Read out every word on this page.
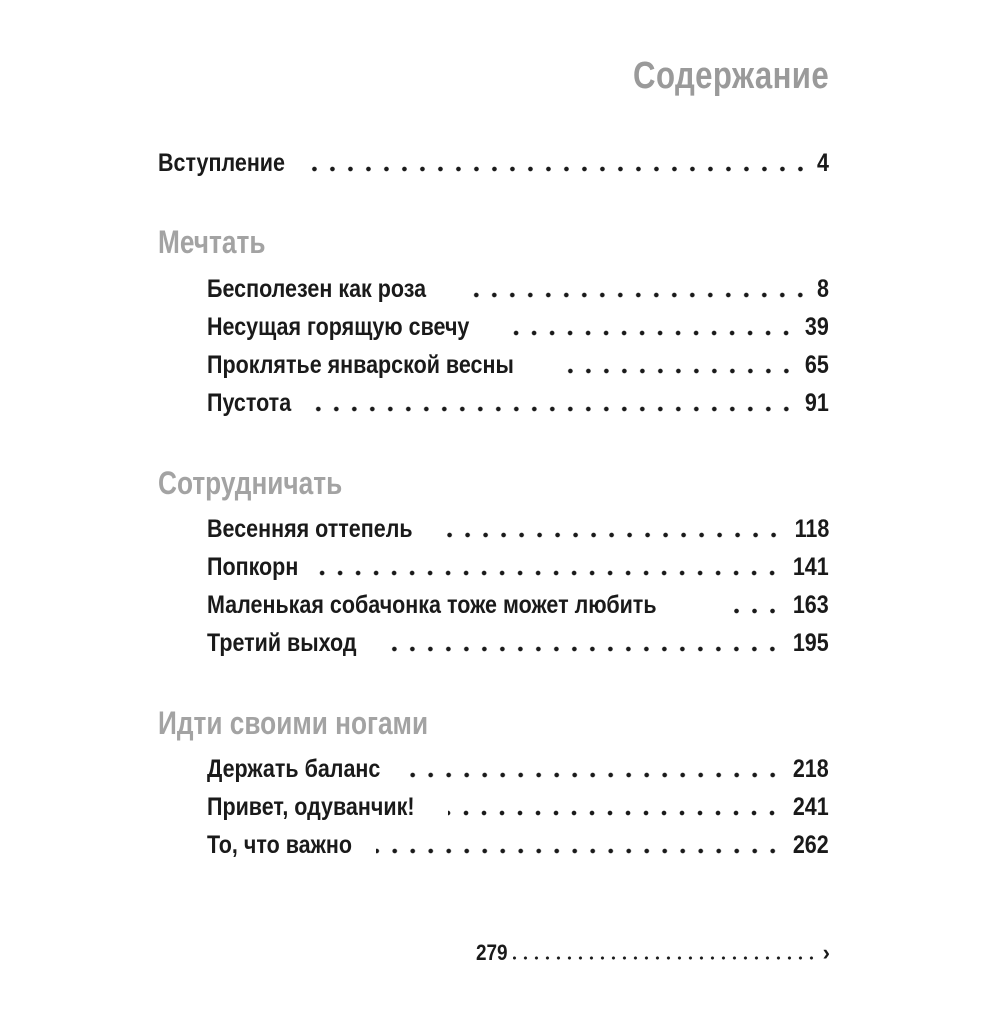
Содержание
Вступление	4
Мечтать
Бесполезен как роза	8
Несущая горящую свечу	39
Проклятье январской весны	65
Пустота	91
Сотрудничать
Весенняя оттепель	118
Попкорн	141
Маленькая собачонка тоже может любить	163
Третий выход	195
Идти своими ногами
Держать баланс	218
Привет, одуванчик!	241
То, что важно	262
279	›
